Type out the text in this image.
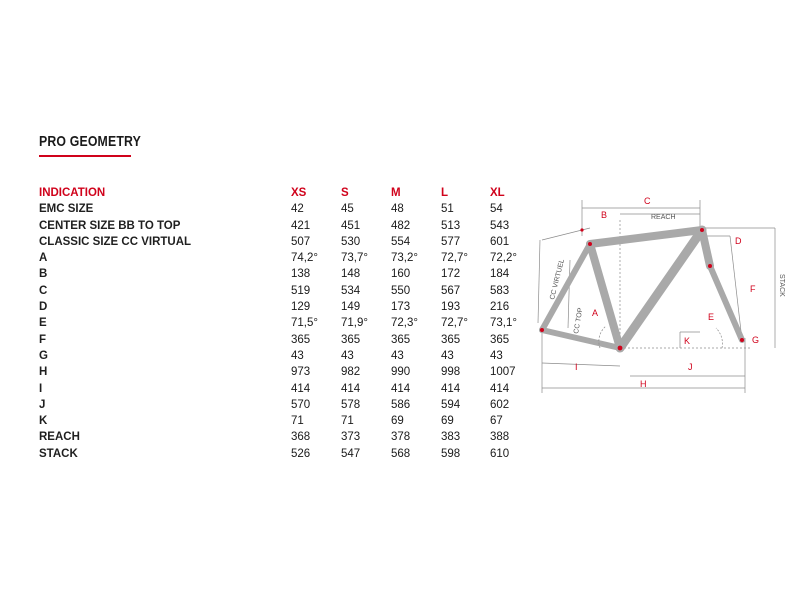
PRO GEOMETRY
INDICATION	XS	S	M	L	XL
EMC SIZE	42	45	48	51	54
CENTER SIZE BB TO TOP	421	451	482	513	543
CLASSIC SIZE CC VIRTUAL	507	530	554	577	601
A	74,2°	73,7°	73,2°	72,7°	72,2°
B	138	148	160	172	184
C	519	534	550	567	583
D	129	149	173	193	216
E	71,5°	71,9°	72,3°	72,7°	73,1°
F	365	365	365	365	365
G	43	43	43	43	43
H	973	982	990	998	1007
I	414	414	414	414	414
J	570	578	586	594	602
K	71	71	69	69	67
REACH	368	373	378	383	388
STACK	526	547	568	598	610
C
B
D
F
A	E
K	G
I	J
H
REACH
STACK
CC VIRTUEL
CC TOP
